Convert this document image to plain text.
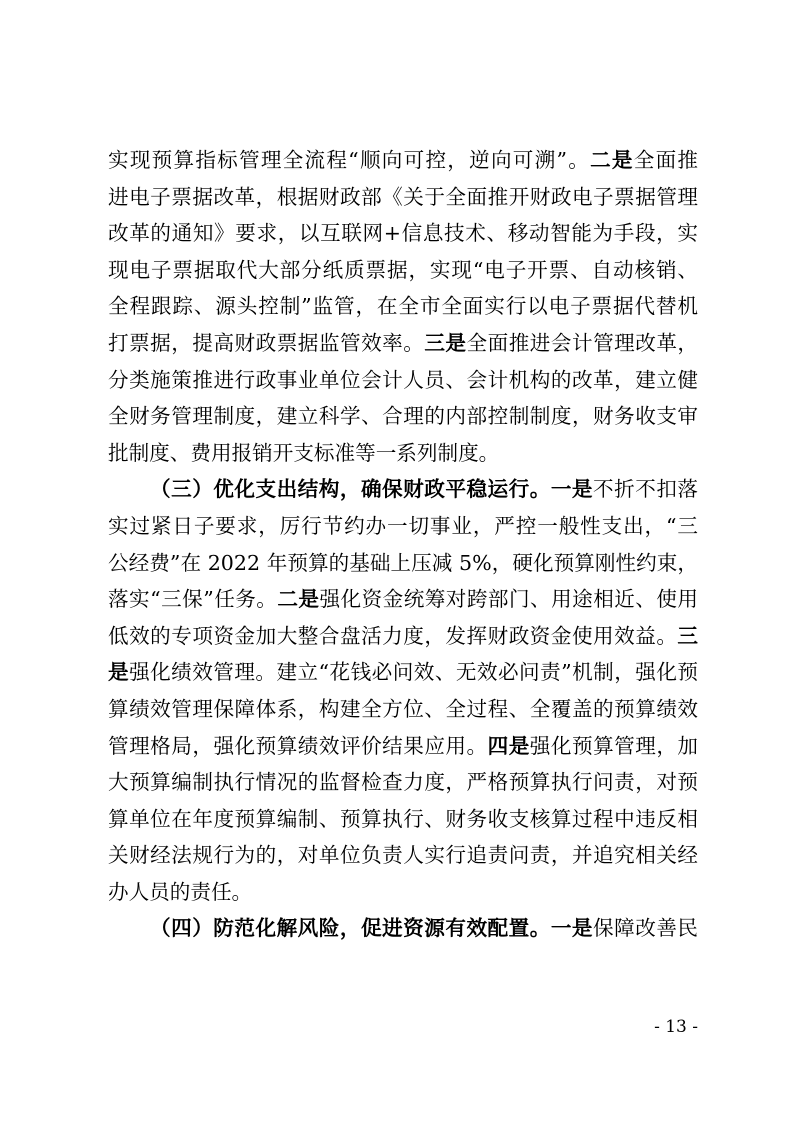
实现预算指标管理全流程“顺向可控，逆向可溯”。二是全面推
进电子票据改革，根据财政部《关于全面推开财政电子票据管理
改革的通知》要求，以互联网+信息技术、移动智能为手段，实
现电子票据取代大部分纸质票据，实现“电子开票、自动核销、
全程跟踪、源头控制”监管，在全市全面实行以电子票据代替机
打票据，提高财政票据监管效率。三是全面推进会计管理改革，
分类施策推进行政事业单位会计人员、会计机构的改革，建立健
全财务管理制度，建立科学、合理的内部控制制度，财务收支审
批制度、费用报销开支标准等一系列制度。
（三）优化支出结构，确保财政平稳运行。一是不折不扣落
实过紧日子要求，厉行节约办一切事业，严控一般性支出，“三
公经费”在 2022 年预算的基础上压减 5%，硬化预算刚性约束，
落实“三保”任务。二是强化资金统筹对跨部门、用途相近、使用
低效的专项资金加大整合盘活力度，发挥财政资金使用效益。三
是强化绩效管理。建立“花钱必问效、无效必问责”机制，强化预
算绩效管理保障体系，构建全方位、全过程、全覆盖的预算绩效
管理格局，强化预算绩效评价结果应用。四是强化预算管理，加
大预算编制执行情况的监督检查力度，严格预算执行问责，对预
算单位在年度预算编制、预算执行、财务收支核算过程中违反相
关财经法规行为的，对单位负责人实行追责问责，并追究相关经
办人员的责任。
（四）防范化解风险，促进资源有效配置。一是保障改善民
- 13 -
